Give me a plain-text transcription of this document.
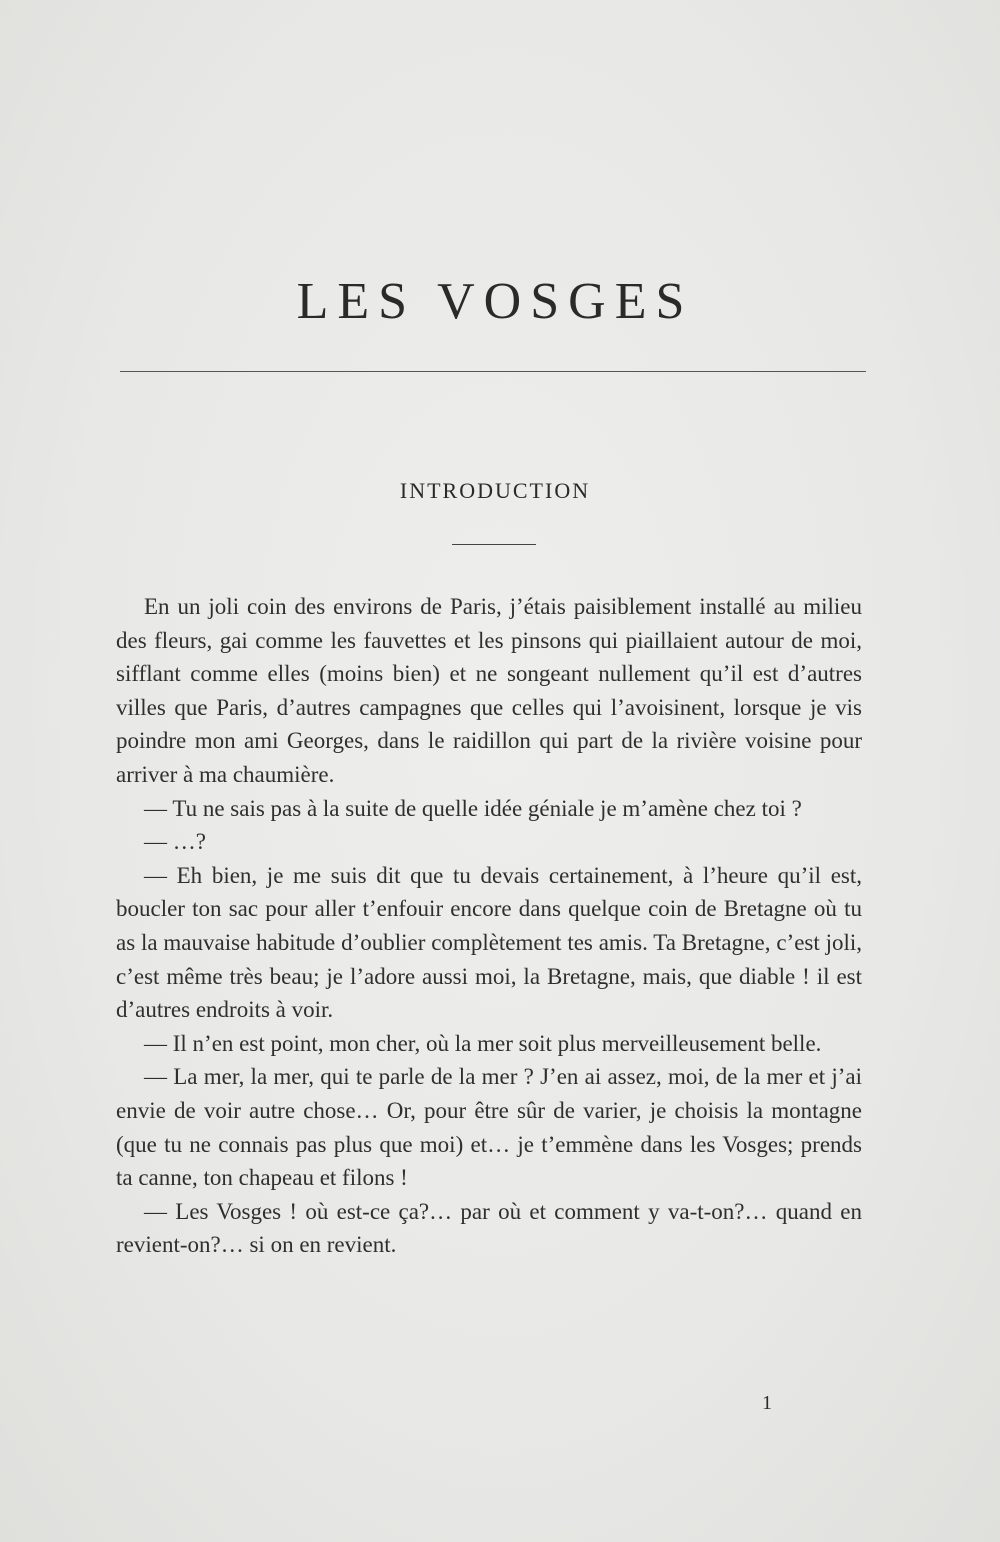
LES VOSGES
INTRODUCTION

En un joli coin des environs de Paris, j’étais paisiblement installé au milieu des fleurs, gai comme les fauvettes et les pinsons qui piaillaient autour de moi, sifflant comme elles (moins bien) et ne songeant nullement qu’il est d’autres villes que Paris, d’autres campagnes que celles qui l’avoisinent, lorsque je vis poindre mon ami Georges, dans le raidillon qui part de la rivière voisine pour arriver à ma chaumière.

— Tu ne sais pas à la suite de quelle idée géniale je m’amène chez toi ?

— …?

— Eh bien, je me suis dit que tu devais certainement, à l’heure qu’il est, boucler ton sac pour aller t’enfouir encore dans quelque coin de Bretagne où tu as la mauvaise habitude d’oublier complètement tes amis. Ta Bretagne, c’est joli, c’est même très beau; je l’adore aussi moi, la Bretagne, mais, que diable ! il est d’autres endroits à voir.

— Il n’en est point, mon cher, où la mer soit plus merveilleusement belle.

— La mer, la mer, qui te parle de la mer ? J’en ai assez, moi, de la mer et j’ai envie de voir autre chose… Or, pour être sûr de varier, je choisis la montagne (que tu ne connais pas plus que moi) et… je t’emmène dans les Vosges; prends ta canne, ton chapeau et filons !

— Les Vosges ! où est-ce ça?… par où et comment y va-t-on?… quand en revient-on?… si on en revient.

1
